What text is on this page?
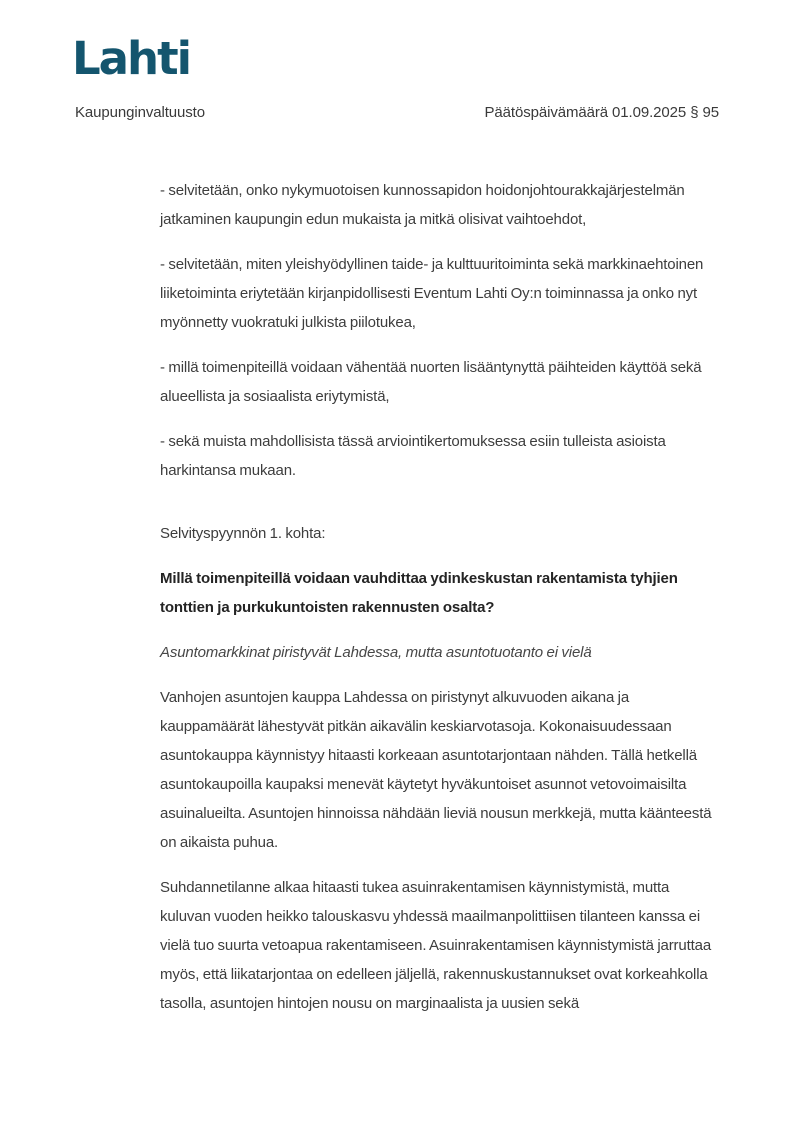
Lahti
Kaupunginvaltuusto	Päätöspäivämäärä 01.09.2025 § 95

- selvitetään, onko nykymuotoisen kunnossapidon hoidonjohtourakkajärjestelmän jatkaminen kaupungin edun mukaista ja mitkä olisivat vaihtoehdot,

- selvitetään, miten yleishyödyllinen taide- ja kulttuuritoiminta sekä markkinaehtoinen liiketoiminta eriytetään kirjanpidollisesti Eventum Lahti Oy:n toiminnassa ja onko nyt myönnetty vuokratuki julkista piilotukea,

- millä toimenpiteillä voidaan vähentää nuorten lisääntynyttä päihteiden käyttöä sekä alueellista ja sosiaalista eriytymistä,

- sekä muista mahdollisista tässä arviointikertomuksessa esiin tulleista asioista harkintansa mukaan.

Selvityspyynnön 1. kohta:

Millä toimenpiteillä voidaan vauhdittaa ydinkeskustan rakentamista tyhjien tonttien ja purkukuntoisten rakennusten osalta?

Asuntomarkkinat piristyvät Lahdessa, mutta asuntotuotanto ei vielä

Vanhojen asuntojen kauppa Lahdessa on piristynyt alkuvuoden aikana ja kauppamäärät lähestyvät pitkän aikavälin keskiarvotasoja. Kokonaisuudessaan asuntokauppa käynnistyy hitaasti korkeaan asuntotarjontaan nähden. Tällä hetkellä asuntokaupoilla kaupaksi menevät käytetyt hyväkuntoiset asunnot vetovoimaisilta asuinalueilta. Asuntojen hinnoissa nähdään lieviä nousun merkkejä, mutta käänteestä on aikaista puhua.

Suhdannetilanne alkaa hitaasti tukea asuinrakentamisen käynnistymistä, mutta kuluvan vuoden heikko talouskasvu yhdessä maailmanpolittiisen tilanteen kanssa ei vielä tuo suurta vetoapua rakentamiseen. Asuinrakentamisen käynnistymistä jarruttaa myös, että liikatarjontaa on edelleen jäljellä, rakennuskustannukset ovat korkeahkolla tasolla, asuntojen hintojen nousu on marginaalista ja uusien sekä
